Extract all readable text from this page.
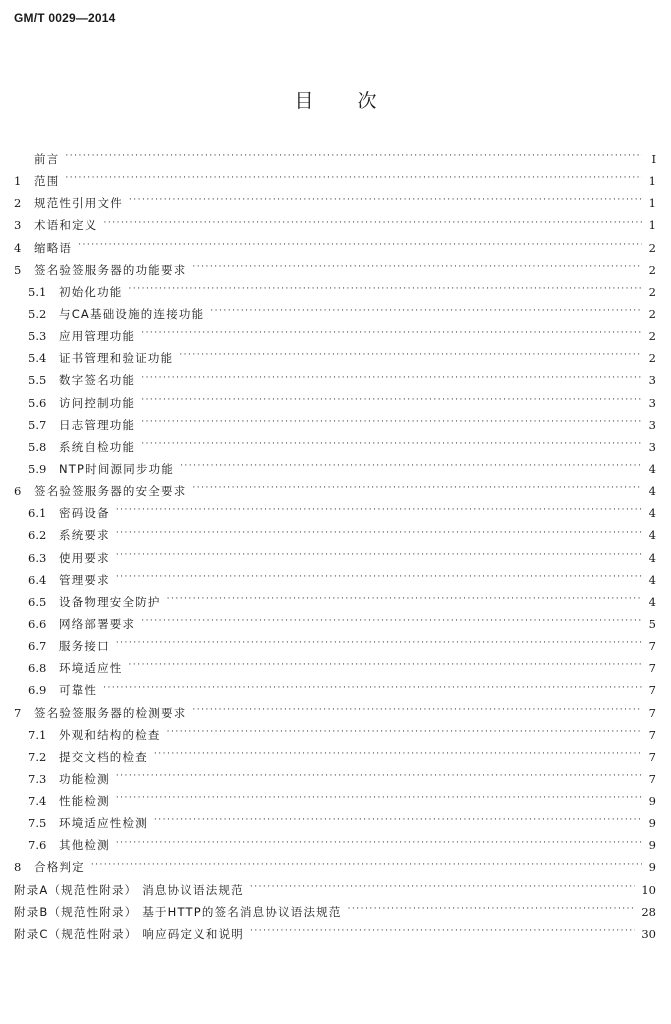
GM/T 0029—2014
目次
前言 ·····	I
1	范围 ·····	1
2	规范性引用文件 ·····	1
3	术语和定义 ·····	1
4	缩略语 ·····	2
5	签名验签服务器的功能要求 ·····	2
5.1	初始化功能 ·····	2
5.2	与CA基础设施的连接功能 ·····	2
5.3	应用管理功能 ·····	2
5.4	证书管理和验证功能 ·····	2
5.5	数字签名功能 ·····	3
5.6	访问控制功能 ·····	3
5.7	日志管理功能 ·····	3
5.8	系统自检功能 ·····	3
5.9	NTP时间源同步功能 ·····	4
6	签名验签服务器的安全要求 ·····	4
6.1	密码设备 ·····	4
6.2	系统要求 ·····	4
6.3	使用要求 ·····	4
6.4	管理要求 ·····	4
6.5	设备物理安全防护 ·····	4
6.6	网络部署要求 ·····	5
6.7	服务接口 ·····	7
6.8	环境适应性 ·····	7
6.9	可靠性 ·····	7
7	签名验签服务器的检测要求 ·····	7
7.1	外观和结构的检查 ·····	7
7.2	提交文档的检查 ·····	7
7.3	功能检测 ·····	7
7.4	性能检测 ·····	9
7.5	环境适应性检测 ·····	9
7.6	其他检测 ·····	9
8	合格判定 ·····	9
附录A（规范性附录） 消息协议语法规范 ·····	10
附录B（规范性附录） 基于HTTP的签名消息协议语法规范 ·····	28
附录C（规范性附录） 响应码定义和说明 ·····	30
